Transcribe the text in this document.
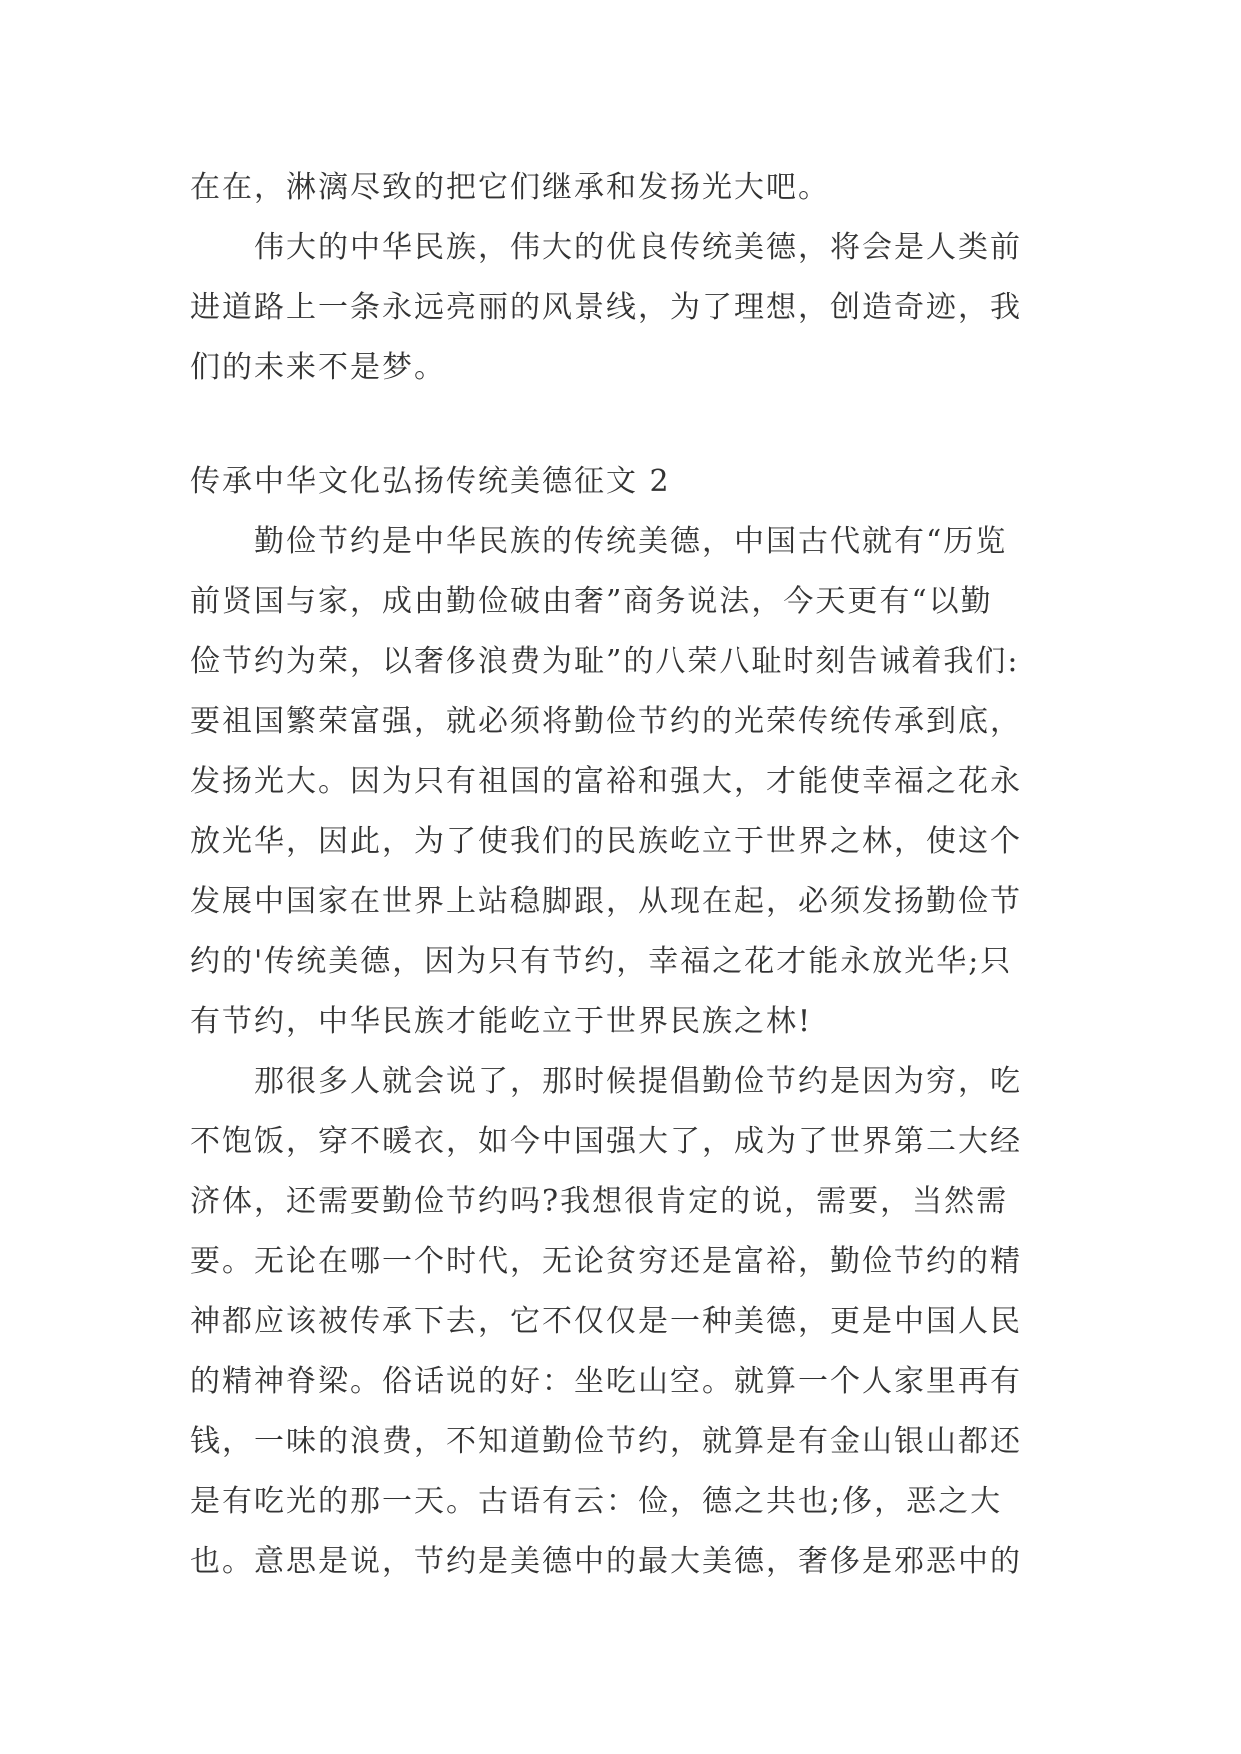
在在，淋漓尽致的把它们继承和发扬光大吧。
伟大的中华民族，伟大的优良传统美德，将会是人类前
进道路上一条永远亮丽的风景线，为了理想，创造奇迹，我
们的未来不是梦。
传承中华文化弘扬传统美德征文 2
勤俭节约是中华民族的传统美德，中国古代就有“历览
前贤国与家，成由勤俭破由奢”商务说法，今天更有“以勤
俭节约为荣，以奢侈浪费为耻”的八荣八耻时刻告诫着我们:
要祖国繁荣富强，就必须将勤俭节约的光荣传统传承到底，
发扬光大。因为只有祖国的富裕和强大，才能使幸福之花永
放光华，因此，为了使我们的民族屹立于世界之林，使这个
发展中国家在世界上站稳脚跟，从现在起，必须发扬勤俭节
约的'传统美德，因为只有节约，幸福之花才能永放光华;只
有节约，中华民族才能屹立于世界民族之林!
那很多人就会说了，那时候提倡勤俭节约是因为穷，吃
不饱饭，穿不暖衣，如今中国强大了，成为了世界第二大经
济体，还需要勤俭节约吗?我想很肯定的说，需要，当然需
要。无论在哪一个时代，无论贫穷还是富裕，勤俭节约的精
神都应该被传承下去，它不仅仅是一种美德，更是中国人民
的精神脊梁。俗话说的好：坐吃山空。就算一个人家里再有
钱，一味的浪费，不知道勤俭节约，就算是有金山银山都还
是有吃光的那一天。古语有云：俭，德之共也;侈，恶之大
也。意思是说，节约是美德中的最大美德，奢侈是邪恶中的
